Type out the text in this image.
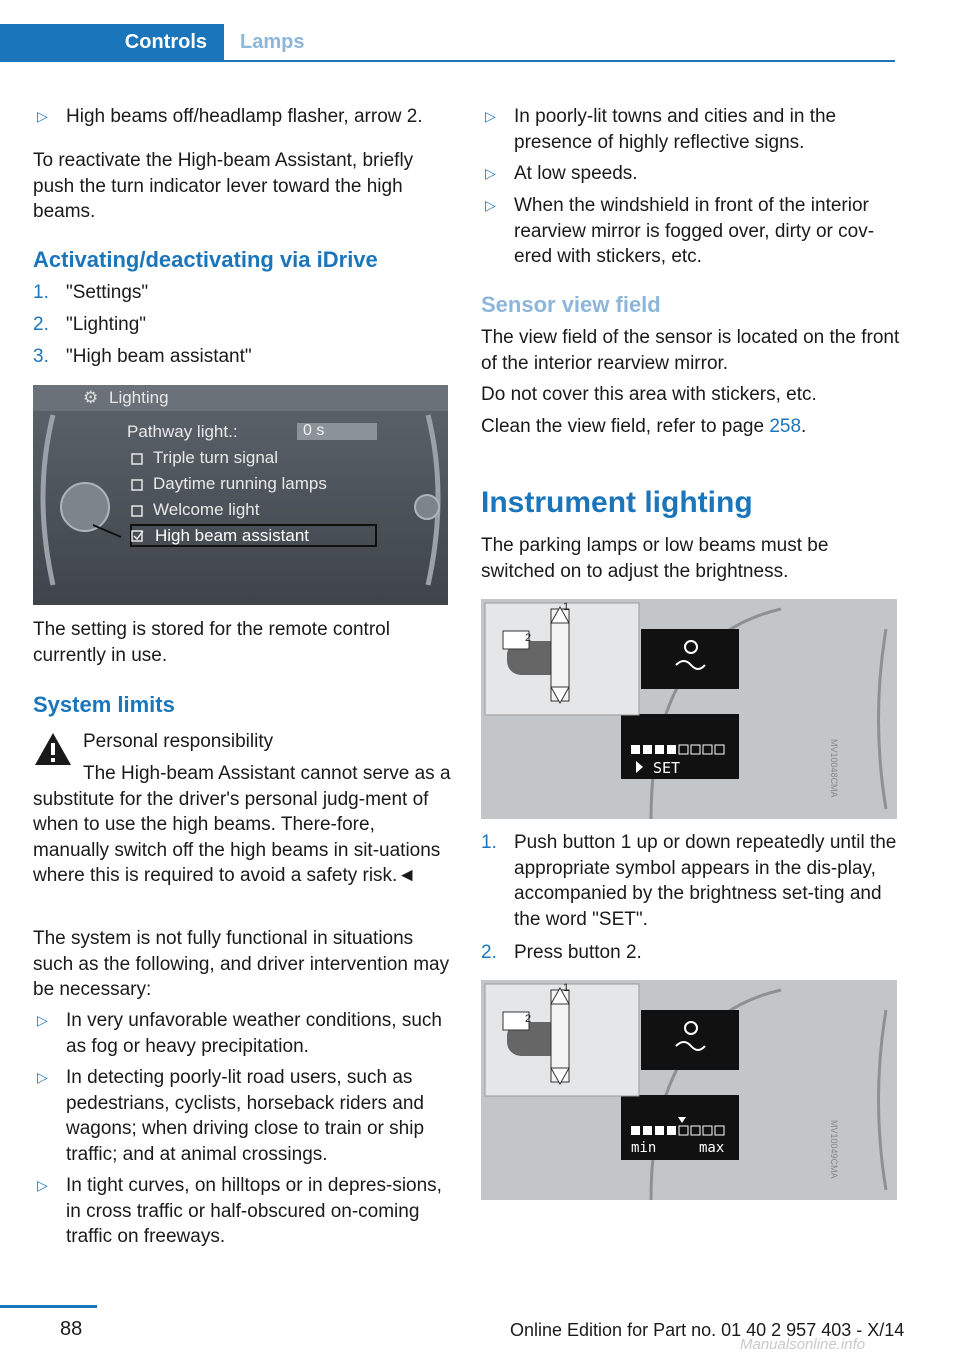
Controls	Lamps
▷ High beams off/headlamp flasher, arrow 2.
To reactivate the High-beam Assistant, briefly push the turn indicator lever toward the high beams.
Activating/deactivating via iDrive
1. "Settings"
2. "Lighting"
3. "High beam assistant"
⚙ Lighting
Pathway light.:	0 s
Triple turn signal
Daytime running lamps
Welcome light
High beam assistant
The setting is stored for the remote control currently in use.
System limits
Personal responsibility
The High-beam Assistant cannot serve as a substitute for the driver's personal judg-ment of when to use the high beams. There-fore, manually switch off the high beams in sit-uations where this is required to avoid a safety risk.◄
The system is not fully functional in situations such as the following, and driver intervention may be necessary:
▷ In very unfavorable weather conditions, such as fog or heavy precipitation.
▷ In detecting poorly-lit road users, such as pedestrians, cyclists, horseback riders and wagons; when driving close to train or ship traffic; and at animal crossings.
▷ In tight curves, on hilltops or in depres-sions, in cross traffic or half-obscured on-coming traffic on freeways.
▷ In poorly-lit towns and cities and in the presence of highly reflective signs.
▷ At low speeds.
▷ When the windshield in front of the interior rearview mirror is fogged over, dirty or cov-ered with stickers, etc.
Sensor view field
The view field of the sensor is located on the front of the interior rearview mirror.
Do not cover this area with stickers, etc.
Clean the view field, refer to page 258.
Instrument lighting
The parking lamps or low beams must be switched on to adjust the brightness.
1
2
SET	MV10048CMA
1. Push button 1 up or down repeatedly until the appropriate symbol appears in the dis-play, accompanied by the brightness set-ting and the word "SET".
2. Press button 2.
1
2
min	max	MV10049CMA
88	Online Edition for Part no. 01 40 2 957 403 - X/14
Manualsonline.info
